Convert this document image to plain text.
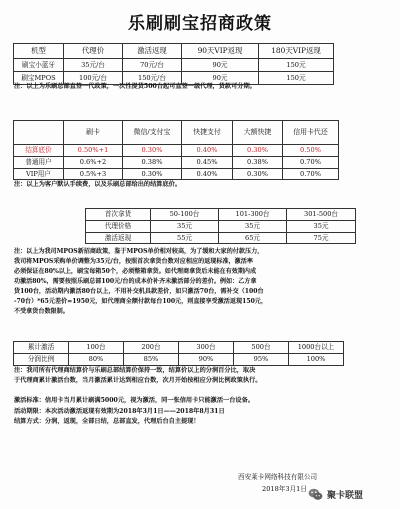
乐刷刷宝招商政策
机型	代理价	激活返现	90天VIP返现	180天VIP返现
刷宝小蓝牙	35元/台	70元/台	90元	150元
刷宝MPOS	100元/台	150元/台	90元	150元
注：以上为乐刷总部直签一代政策，一次性提货500台起可直签一级代理，货款可分期。
	刷卡	微信/支付宝	快捷支付	大额快捷	信用卡代还
结算底价	0.50%+1	0.30%	0.40%	0.30%	0.50%
普通用户	0.6%+2	0.38%	0.45%	0.38%	0.70%
VIP用户	0.5%+3	0.30%	0.40%	0.30%	0.70%
注：以上为客户默认手续费，以及乐刷总部给出的结算底价。
首次拿货	50-100台	101-300台	301-500台
代理价格	35元	35元	35元
激活返现	55元	65元	75元
注：以上为我司MPOS新招商政策，鉴于MPOS单价相对较高，为了缓和大家的付款压力，
我司将MPOS采购单价调整为35元/台，按照首次拿货台数对应相应的返现标准，激活率
必须保证在80%以上，刷宝每箱50个，必须整箱拿货。如代理商拿货后未能在有效期内成
功激活80%，需要按照乐刷总部100元/台的成本价补齐未激活部分的差价。例如：乙方拿
货100台，活动期内激活80台以上，不用补交机具款差价，如只激活70台，需补交（100台
-70台）*65元差价=1950元，如代理商全额付款每台100元，则直接享受激活返现150元，
不受拿货台数限制。
累计激活	100台	200台	300台	500台	1000台以上
分润比例	80%	85%	90%	95%	100%
注：我司所有代理商结算价与乐刷总部结算价保持一致，结算价以上的分润百分比，取决
于代理商累计激活台数，当月激活累计达到相应台数，次月开始按相应分润比例政策执行。
激活标准：信用卡当月累计刷满5000元，视为激活，同一张信用卡只能激活一台设备。
活动期限：本次活动激活返现有效期为2018年3月1日——2018年8月31日
结算方式：分润，返现，全部日结，总部直发，代理后台自主提现！
西安莱卡网络科技有限公司
2018年3月1日
聚卡联盟
